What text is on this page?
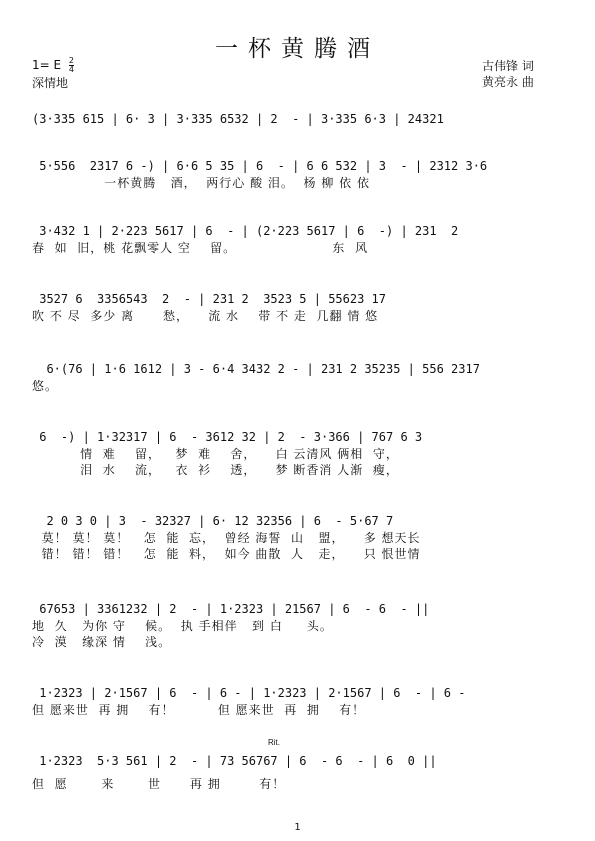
一杯黄腾酒
1= E $\frac{2}{4}$
深情地
古伟锋 词
黄亮永 曲
(3·335 615 | 6· 3 | 3·335 6532 | 2  - | 3·335 6·3 | 24321
5·556  2317 6 -) | 6·6 5 35 | 6  - | 6 6 532 | 3  - | 2312 3·6
一杯黄腾   酒，  两行心 酸 泪。  杨 柳 依 依
3·432 1 | 2·223 5617 | 6  - | (2·223 5617 | 6  -) | 231  2
春  如  旧，桃 花飘零人 空    留。                    东  风
3527 6  3356543  2  - | 231 2  3523 5 | 55623 17
吹 不 尽  多少 离      愁，    流 水    带 不 走  几翻 情 悠
6·(76 | 1·6 1612 | 3 - 6·4 3432 2 - | 231 2 35235 | 556 2317
悠。
6  -) | 1·32317 | 6  - 3612 32 | 2  - 3·366 | 767 6 3
情  难    留，   梦  难    舍，    白 云清风 俩相  守，
泪  水    流，   衣  衫    透，    梦 断香消 人渐  瘦，
2 0 3 0 | 3  - 32327 | 6· 12 32356 | 6  - 5·67 7
莫！ 莫！ 莫！   怎  能  忘，  曾经 海誓  山   盟，    多 想天长
错！ 错！ 错！   怎  能  料，  如今 曲散  人   走，    只 恨世情
67653 | 3361232 | 2  - | 1·2323 | 21567 | 6  - 6  - ||
地  久   为你 守    候。  执 手相伴   到 白     头。
冷  漠   缘深 情    浅。
1·2323 | 2·1567 | 6  - | 6 - | 1·2323 | 2·1567 | 6  - | 6 -
但 愿来世  再 拥    有！         但 愿来世  再  拥    有！
Rit.
1·2323  5·3 561 | 2  - | 73 56767 | 6  - 6  - | 6  0 ||
但  愿       来       世      再 拥        有！
1
